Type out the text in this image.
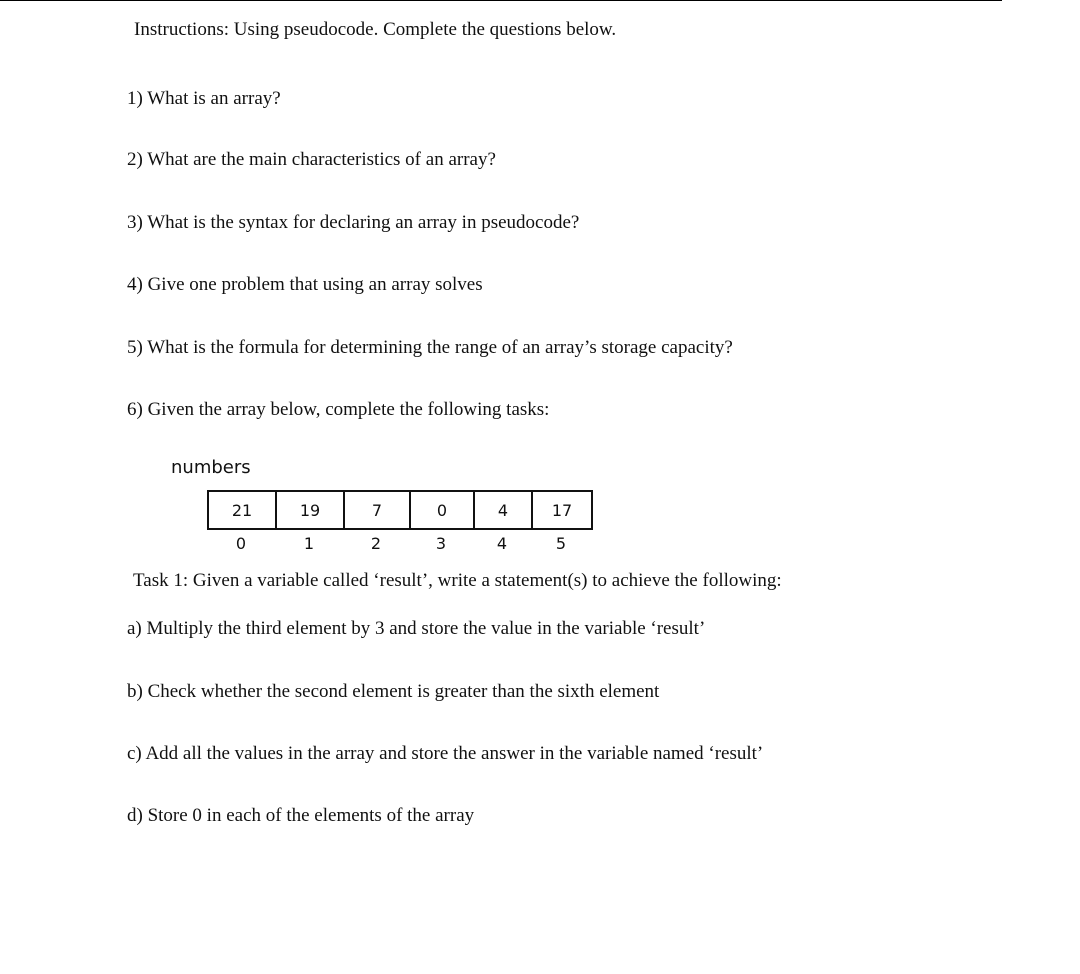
Instructions: Using pseudocode. Complete the questions below.
1) What is an array?
2) What are the main characteristics of an array?
3) What is the syntax for declaring an array in pseudocode?
4) Give one problem that using an array solves
5) What is the formula for determining the range of an array’s storage capacity?
6) Given the array below, complete the following tasks:
numbers
21	19	7	0	4	17
0	1	2	3	4	5
Task 1: Given a variable called ‘result’, write a statement(s) to achieve the following:
a) Multiply the third element by 3 and store the value in the variable ‘result’
b) Check whether the second element is greater than the sixth element
c) Add all the values in the array and store the answer in the variable named ‘result’
d) Store 0 in each of the elements of the array
